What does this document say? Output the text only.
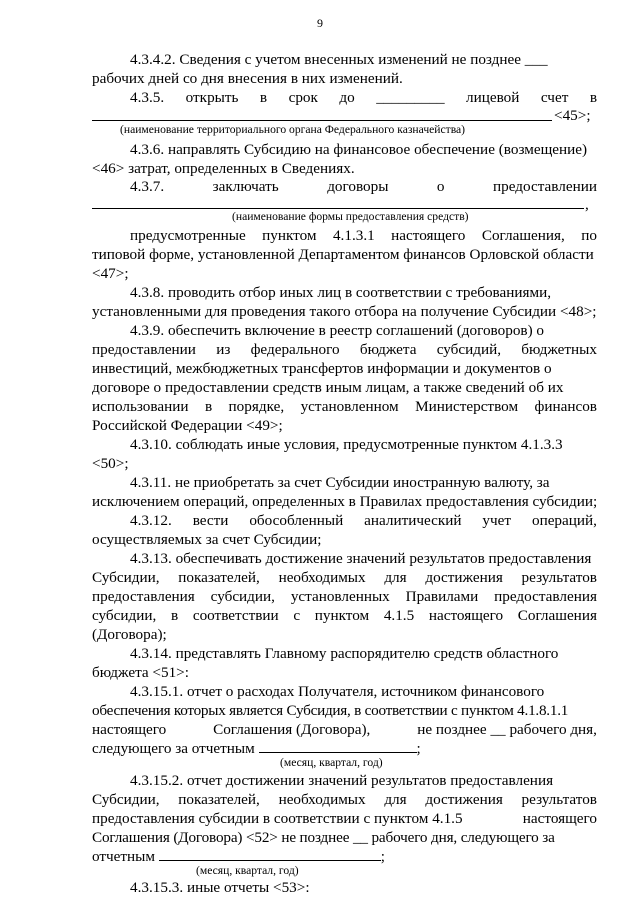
9
4.3.4.2. Сведения с учетом внесенных изменений не позднее ___
рабочих дней со дня внесения в них изменений.
4.3.5. открыть в срок до _________ лицевой счет в
<45>;
(наименование территориального органа Федерального казначейства)
4.3.6. направлять Субсидию на финансовое обеспечение (возмещение)
<46> затрат, определенных в Сведениях.
4.3.7.	заключать	договоры	о	предоставлении
,
(наименование формы предоставления средств)
предусмотренные пунктом 4.1.3.1 настоящего Соглашения, по
типовой форме, установленной Департаментом финансов Орловской области
<47>;
4.3.8. проводить отбор иных лиц в соответствии с требованиями,
установленными для проведения такого отбора на получение Субсидии <48>;
4.3.9. обеспечить включение в реестр соглашений (договоров) о
предоставлении из федерального бюджета субсидий, бюджетных
инвестиций, межбюджетных трансфертов информации и документов о
договоре о предоставлении средств иным лицам, а также сведений об их
использовании в порядке, установленном Министерством финансов
Российской Федерации <49>;
4.3.10. соблюдать иные условия, предусмотренные пунктом 4.1.3.3
<50>;
4.3.11. не приобретать за счет Субсидии иностранную валюту, за
исключением операций, определенных в Правилах предоставления субсидии;
4.3.12. вести обособленный аналитический учет операций,
осуществляемых за счет Субсидии;
4.3.13. обеспечивать достижение значений результатов предоставления
Субсидии, показателей, необходимых для достижения результатов
предоставления субсидии, установленных Правилами предоставления
субсидии, в соответствии с пунктом 4.1.5 настоящего Соглашения
(Договора);
4.3.14. представлять Главному распорядителю средств областного
бюджета <51>:
4.3.15.1. отчет о расходах Получателя, источником финансового
обеспечения которых является Субсидия, в соответствии с пунктом 4.1.8.1.1
настоящего	Соглашения (Договора),	не позднее __ рабочего дня,
следующего за отчетным	;
(месяц, квартал, год)
4.3.15.2. отчет достижении значений результатов предоставления
Субсидии, показателей, необходимых для достижения результатов
предоставления субсидии в соответствии с пунктом 4.1.5	настоящего
Соглашения (Договора) <52> не позднее __ рабочего дня, следующего за
отчетным	;
(месяц, квартал, год)
4.3.15.3. иные отчеты <53>:
